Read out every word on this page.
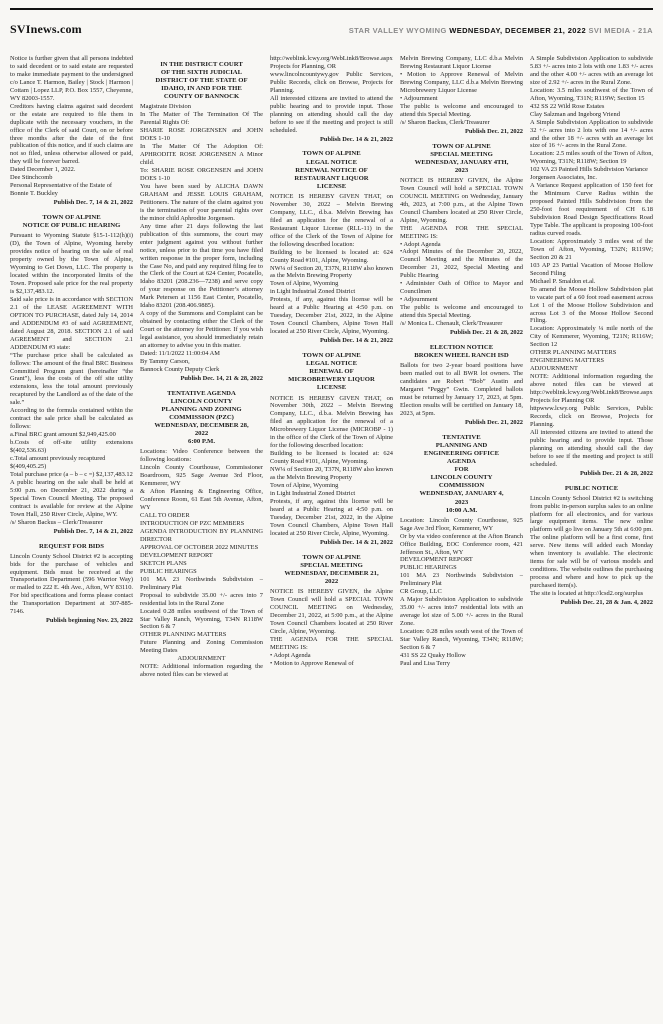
SVInews.com	STAR VALLEY WYOMING WEDNESDAY, DECEMBER 21, 2022 SVI MEDIA - 21A

Notice is further given that all persons indebted to said decedent or to said estate are requested to make immediate payment to the undersigned c/o Lance T. Harmon, Bailey | Stock | Harmon | Cottam | Lopez LLP, P.O. Box 1557, Cheyenne, WY 82003-1557.

Creditors having claims against said decedent or the estate are required to file them in duplicate with the necessary vouchers, in the office of the Clerk of said Court, on or before three months after the date of the first publication of this notice, and if such claims are not so filed, unless otherwise allowed or paid, they will be forever barred.

Dated December 1, 2022.

Dee Stinchcomb

Personal Representative of the Estate of

Bonnie T. Buckley

Publish Dec. 7, 14 & 21, 2022

TOWN OF ALPINE
NOTICE OF PUBLIC HEARING

Pursuant to Wyoming Statute §15-1-112(h)(i)(D), the Town of Alpine, Wyoming hereby provides notice of hearing on the sale of real property owned by the Town of Alpine, Wyoming to Get Down, LLC. The property is located within the incorporated limits of the Town. Proposed sale price for the real property is $2,137,483.12.

Said sale price is in accordance with SECTION 2.1 of the LEASE AGREEMENT WITH OPTION TO PURCHASE, dated July 14, 2014 and ADDENDUM #3 of said AGREEMENT, dated August 28, 2018. SECTION 2.1 of said AGREEMENT and SECTION 2.1 ADDENDUM #3 state:

“The purchase price shall be calculated as follows: The amount of the final BRC Business Committed Program grant (hereinafter “the Grant”), less the costs of the off site utility extensions, less the total amount previously recaptured by the Landlord as of the date of the sale.”

According to the formula contained within the contract the sale price shall be calculated as follows:

a.Final BRC grant amount $2,949,425.00

b.Costs of off-site utility extensions $(402,536.63)

c.Total amount previously recaptured

$(409,405.25)

Total purchase price (a – b – c =) $2,137,483.12

A public hearing on the sale shall be held at 5:00 p.m. on December 21, 2022 during a Special Town Council Meeting. The proposed contract is available for review at the Alpine Town Hall, 250 River Circle, Alpine, WY.

/s/ Sharon Backus – Clerk/Treasurer

Publish Dec. 7, 14 & 21, 2022

REQUEST FOR BIDS

Lincoln County School District #2 is accepting bids for the purchase of vehicles and equipment. Bids must be received at the Transportation Department (596 Warrior Way) or mailed to 222 E. 4th Ave., Afton, WY 83110. For bid specifications and forms please contact the Transportation Department at 307-885-7146.

Publish beginning Nov. 23, 2022

IN THE DISTRICT COURT
OF THE SIXTH JUDICIAL
DISTRICT OF THE STATE OF
IDAHO, IN AND FOR THE
COUNTY OF BANNOCK

Magistrate Division

In The Matter of The Termination Of The Parental Rights Of:

SHARIE ROSE JORGENSEN and JOHN DOES 1-10

In The Matter Of The Adoption Of: APHRODITE ROSE JORGENSEN A Minor child.

To: SHARIE ROSE ORGENSEN and JOHN DOES 1-10

You have been sued by ALICHA DAWN GRAHAM and JESSE LOUIS GRAHAM, Petitioners. The nature of the claim against you is the termination of your parental rights over the minor child Aphrodite Jorgensen.

Any time after 21 days following the last publication of this summons, the court may enter judgment against you without further notice, unless prior to that time you have filed written response in the proper form, including the Case No, and paid any required filing fee to the Clerk of the Court at 624 Center, Pocatello, Idaho 83201 (208.236—7238) and serve copy of your response on the Petitioner’s attorney Mark Petersen at 1156 East Center, Pocatello, Idaho 83201 (208.406.9885).

A copy of the Summons and Complaint can be obtained by contacting either the Clerk of the Court or the attorney for Petitioner. If you wish legal assistance, you should immediately retain an attorney to advise you in this matter.

Dated: 11/1/2022 11:00:04 AM

By Tammy Carson,

Bannock County Deputy Clerk

Publish Dec. 14, 21 & 28, 2022

TENTATIVE AGENDA
LINCOLN COUNTY
PLANNING AND ZONING
COMMISSION (PZC)
WEDNESDAY, DECEMBER 28,
2022
6:00 P.M.

Locations: Video Conference between the following locations:

Lincoln County Courthouse, Commissioner Boardroom, 925 Sage Avenue 3rd Floor, Kemmerer, WY

& Afton Planning & Engineering Office, Conference Room, 61 East 5th Avenue, Afton, WY

CALL TO ORDER

INTRODUCTION OF PZC MEMBERS

AGENDA INTRODUCTION BY PLANNING DIRECTOR

APPROVAL OF OCTOBER 2022 MINUTES

DEVELOPMENT REPORT

SKETCH PLANS

PUBLIC HEARINGS

101 MA 23 Northwinds Subdivision – Preliminary Plat

Proposal to subdivide 35.00 +/- acres into 7 residential lots in the Rural Zone

Located 0.28 miles southwest of the Town of Star Valley Ranch, Wyoming, T34N R118W Section 6 & 7

OTHER PLANNING MATTERS

Future Planning and Zoning Commission Meeting Dates

ADJOURNMENT

NOTE: Additional information regarding the above noted files can be viewed at

http://weblink.lcwy.org/WebLink8/Browse.aspx Projects for Planning, OR

www.lincolncountywy.gov Public Services, Public Records, click on Browse, Projects for Planning.

All interested citizens are invited to attend the public hearing and to provide input. Those planning on attending should call the day before to see if the meeting and project is still scheduled.

Publish Dec. 14 & 21, 2022

TOWN OF ALPINE
LEGAL NOTICE
RENEWAL NOTICE OF
RESTAURANT LIQUOR
LICENSE

NOTICE IS HEREBY GIVEN THAT, on November 30, 2022 – Melvin Brewing Company, LLC., d.b.a. Melvin Brewing has filed an application for the renewal of a Restaurant Liquor License (RLL-11) in the office of the Clerk of the Town of Alpine for the following described location:

Building to be licensed is located at: 624 County Road #101, Alpine, Wyoming.

NW¼ of Section 20, T37N, R118W also known as the Melvin Brewing Property

Town of Alpine, Wyoming

in Light Industrial Zoned District

Protests, if any, against this license will be heard at a Public Hearing at 4:50 p.m. on Tuesday, December 21st, 2022, in the Alpine Town Council Chambers, Alpine Town Hall located at 250 River Circle, Alpine, Wyoming.

Publish Dec. 14 & 21, 2022

TOWN OF ALPINE
LEGAL NOTICE
RENEWAL OF
MICROBREWERY LIQUOR
LICENSE

NOTICE IS HEREBY GIVEN THAT, on November 30th, 2022 – Melvin Brewing Company, LLC., d.b.a. Melvin Brewing has filed an application for the renewal of a Microbrewery Liquor License (MICROBP - 1) in the office of the Clerk of the Town of Alpine for the following described location:

Building to be licensed is located at: 624 County Road #101, Alpine, Wyoming.

NW¼ of Section 20, T37N, R118W also known as the Melvin Brewing Property

Town of Alpine, Wyoming

in Light Industrial Zoned District

Protests, if any, against this license will be heard at a Public Hearing at 4:50 p.m. on Tuesday, December 21st, 2022, in the Alpine Town Council Chambers, Alpine Town Hall located at 250 River Circle, Alpine, Wyoming.

Publish Dec. 14 & 21, 2022

TOWN OF ALPINE
SPECIAL MEETING
WEDNESDAY, DECEMBER 21,
2022

NOTICE IS HEREBY GIVEN, the Alpine Town Council will hold a SPECIAL TOWN COUNCIL MEETING on Wednesday, December 21, 2022, at 5:00 p.m., at the Alpine Town Council Chambers located at 250 River Circle, Alpine, Wyoming.

THE AGENDA FOR THE SPECIAL MEETING IS:

• Adopt Agenda

• Motion to Approve Renewal of

Melvin Brewing Company, LLC d.b.a Melvin Brewing Restaurant Liquor License

• Motion to Approve Renewal of Melvin Brewing Company, LLC d.b.a Melvin Brewing Microbrewery Liquor License

• Adjournment

The public is welcome and encouraged to attend this Special Meeting.

/s/ Sharon Backus, Clerk/Treasurer

Publish Dec. 21, 2022

TOWN OF ALPINE
SPECIAL MEETING
WEDNESDAY, JANUARY 4TH,
2023

NOTICE IS HEREBY GIVEN, the Alpine Town Council will hold a SPECIAL TOWN COUNCIL MEETING on Wednesday, January 4th, 2023, at 7:00 p.m., at the Alpine Town Council Chambers located at 250 River Circle, Alpine, Wyoming.

THE AGENDA FOR THE SPECIAL MEETING IS:

• Adopt Agenda

•Adopt Minutes of the December 20, 2022, Council Meeting and the Minutes of the December 21, 2022, Special Meeting and Public Hearing

• Administer Oath of Office to Mayor and Councilmen

• Adjournment

The public is welcome and encouraged to attend this Special Meeting.

/s/ Monica L. Chenault, Clerk/Treasurer

Publish Dec. 21 & 28, 2022

ELECTION NOTICE
BROKEN WHEEL RANCH ISD

Ballots for two 2-year board positions have been mailed out to all BWR lot owners. The candidates are Robert “Bob” Austin and Margaret “Peggy” Gwin. Completed ballots must be returned by January 17, 2023, at 5pm. Election results will be certified on January 18, 2023, at 5pm.

Publish Dec. 21, 2022

TENTATIVE
PLANNING AND
ENGINEERING OFFICE
AGENDA
FOR
LINCOLN COUNTY
COMMISSION
WEDNESDAY, JANUARY 4,
2023
10:00 A.M.

Location: Lincoln County Courthouse, 925 Sage Ave 3rd Floor, Kemmerer, WY

Or by via video conference at the Afton Branch Office Building, EOC Conference room, 421 Jefferson St., Afton, WY

DEVELOPMENT REPORT

PUBLIC HEARINGS

101 MA 23 Northwinds Subdivision – Preliminary Plat

CR Group, LLC

A Major Subdivision Application to subdivide 35.00 +/- acres into7 residential lots with an average lot size of 5.00 +/- acres in the Rural Zone.

Location: 0.28 miles south west of the Town of Star Valley Ranch, Wyoming, T34N; R118W; Section 6 & 7

431 SS 22 Quaky Hollow

Paul and Lisa Terry

A Simple Subdivision Application to subdivide 5.83 +/- acres into 2 lots with one 1.83 +/- acres and the other 4.00 +/- acres with an average lot size of 2.92 +/- acres in the Rural Zone.

Location: 3.5 miles southwest of the Town of Afton, Wyoming, T31N; R119W; Section 15

432 SS 22 Wild Rose Estates

Clay Salzman and Ingeborg Vriend

A Simple Subdivision Application to subdivide 32 +/- acres into 2 lots with one 14 +/- acres and the other 18 +/- acres with an average lot size of 16 +/- acres in the Rural Zone.

Location: 2.5 miles south of the Town of Afton, Wyoming, T31N; R118W; Section 19

102 VA 23 Painted Hills Subdivision Variance

Jorgensen Associates, Inc.

A Variance Request application of 150 feet for the Minimum Curve Radius within the proposed Painted Hills Subdivision from the 250-foot foot requirement of CH 6.18 Subdivision Road Design Specifications Road Type Table. The applicant is proposing 100-foot radius curved roads.

Location: Approximately 3 miles west of the Town of Afton, Wyoming, T32N; R119W; Section 20 & 21

103 AP 23 Partial Vacation of Moose Hollow Second Filing

Michael P. Smaldon et.al.

To amend the Moose Hollow Subdivision plat to vacate part of a 60 foot road easement across Lot 1 of the Moose Hollow Subdivision and across Lot 3 of the Moose Hollow Second Filing.

Location: Approximately ¼ mile north of the City of Kemmerer, Wyoming, T21N; R116W; Section 12

OTHER PLANNING MATTERS

ENGINEERING MATTERS

ADJOURNMENT

NOTE: Additional information regarding the above noted files can be viewed at http://weblink.lcwy.org/WebLink8/Browse.aspx Projects for Planning OR

httpwww.lcwy.org Public Services, Public Records, click on Browse, Projects for Planning.

All interested citizens are invited to attend the public hearing and to provide input. Those planning on attending should call the day before to see if the meeting and project is still scheduled.

Publish Dec. 21 & 28, 2022

PUBLIC NOTICE

Lincoln County School District #2 is switching from public in-person surplus sales to an online platform for all electronics, and for various large equipment items. The new online platform will go live on January 5th at 6:00 pm. The online platform will be a first come, first serve. New items will added each Monday when inventory is available. The electronic items for sale will be of various models and conditions. The website outlines the purchasing process and where and how to pick up the purchased item(s).

The site is located at http://lcsd2.org/surplus

Publish Dec. 21, 28 & Jan. 4, 2022
